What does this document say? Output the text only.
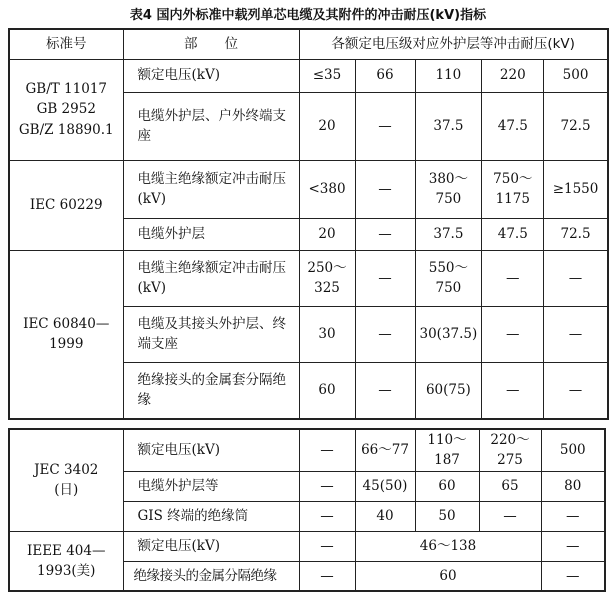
表4 国内外标准中载列单芯电缆及其附件的冲击耐压(kV)指标
标准号	部　　位	各额定电压级对应外护层等冲击耐压(kV)				
GB/T 11017
GB 2952
GB/Z 18890.1	额定电压(kV)	≤35	66	110	220	500
	电缆外护层、户外终端支座	20	—	37.5	47.5	72.5
IEC 60229	电缆主绝缘额定冲击耐压(kV)	<380	—	380～750	750～1175	≥1550
	电缆外护层	20	—	37.5	47.5	72.5
IEC 60840—1999	电缆主绝缘额定冲击耐压(kV)	250～325	—	550～750	—	—
	电缆及其接头外护层、终端支座	30	—	30(37.5)	—	—
	绝缘接头的金属套分隔绝缘	60	—	60(75)	—	—
JEC 3402
(日)	额定电压(kV)	—	66～77	110～187	220～275	500
	电缆外护层等	—	45(50)	60	65	80
	GIS 终端的绝缘筒	—	40	50	—	—
IEEE 404—
1993(美)	额定电压(kV)	—	46～138			—
	绝缘接头的金属分隔绝缘	—	60			—
